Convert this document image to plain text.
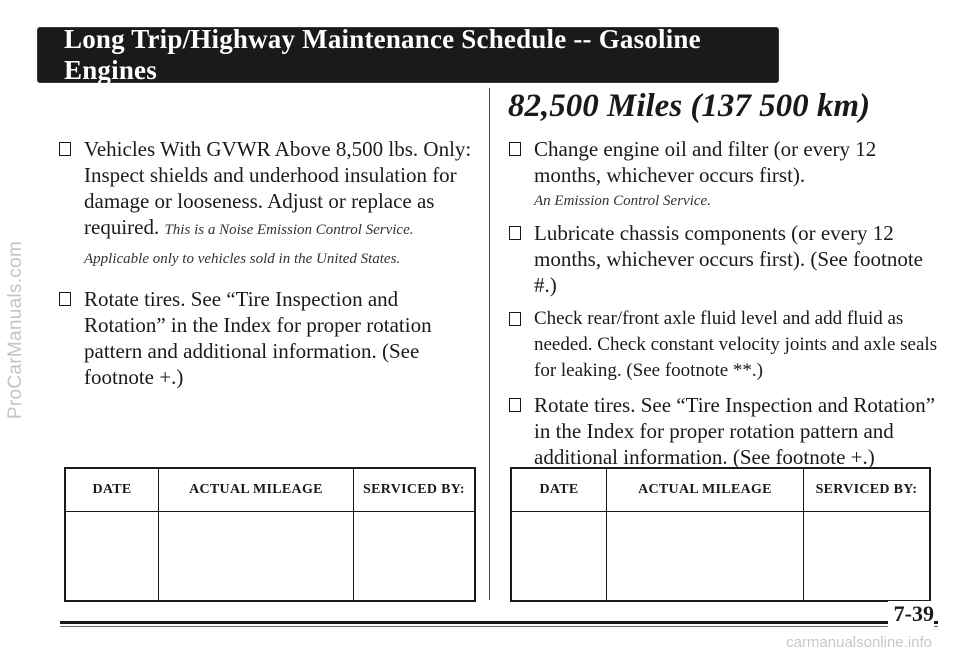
ProCarManuals.com
Long Trip/Highway Maintenance Schedule -- Gasoline Engines
Vehicles With GVWR Above 8,500 lbs. Only: Inspect shields and underhood insulation for damage or looseness. Adjust or replace as required. This is a Noise Emission Control Service. Applicable only to vehicles sold in the United States.
Rotate tires. See “Tire Inspection and Rotation” in the Index for proper rotation pattern and additional information. (See footnote +.)
DATE	ACTUAL MILEAGE	SERVICED BY:

82,500 Miles (137 500 km)
Change engine oil and filter (or every 12 months, whichever occurs first).
An Emission Control Service.
Lubricate chassis components (or every 12 months, whichever occurs first). (See footnote #.)
Check rear/front axle fluid level and add fluid as needed. Check constant velocity joints and axle seals for leaking. (See footnote **.)
Rotate tires. See “Tire Inspection and Rotation” in the Index for proper rotation pattern and additional information. (See footnote +.)
DATE	ACTUAL MILEAGE	SERVICED BY:

7-39
carmanualsonline.info
